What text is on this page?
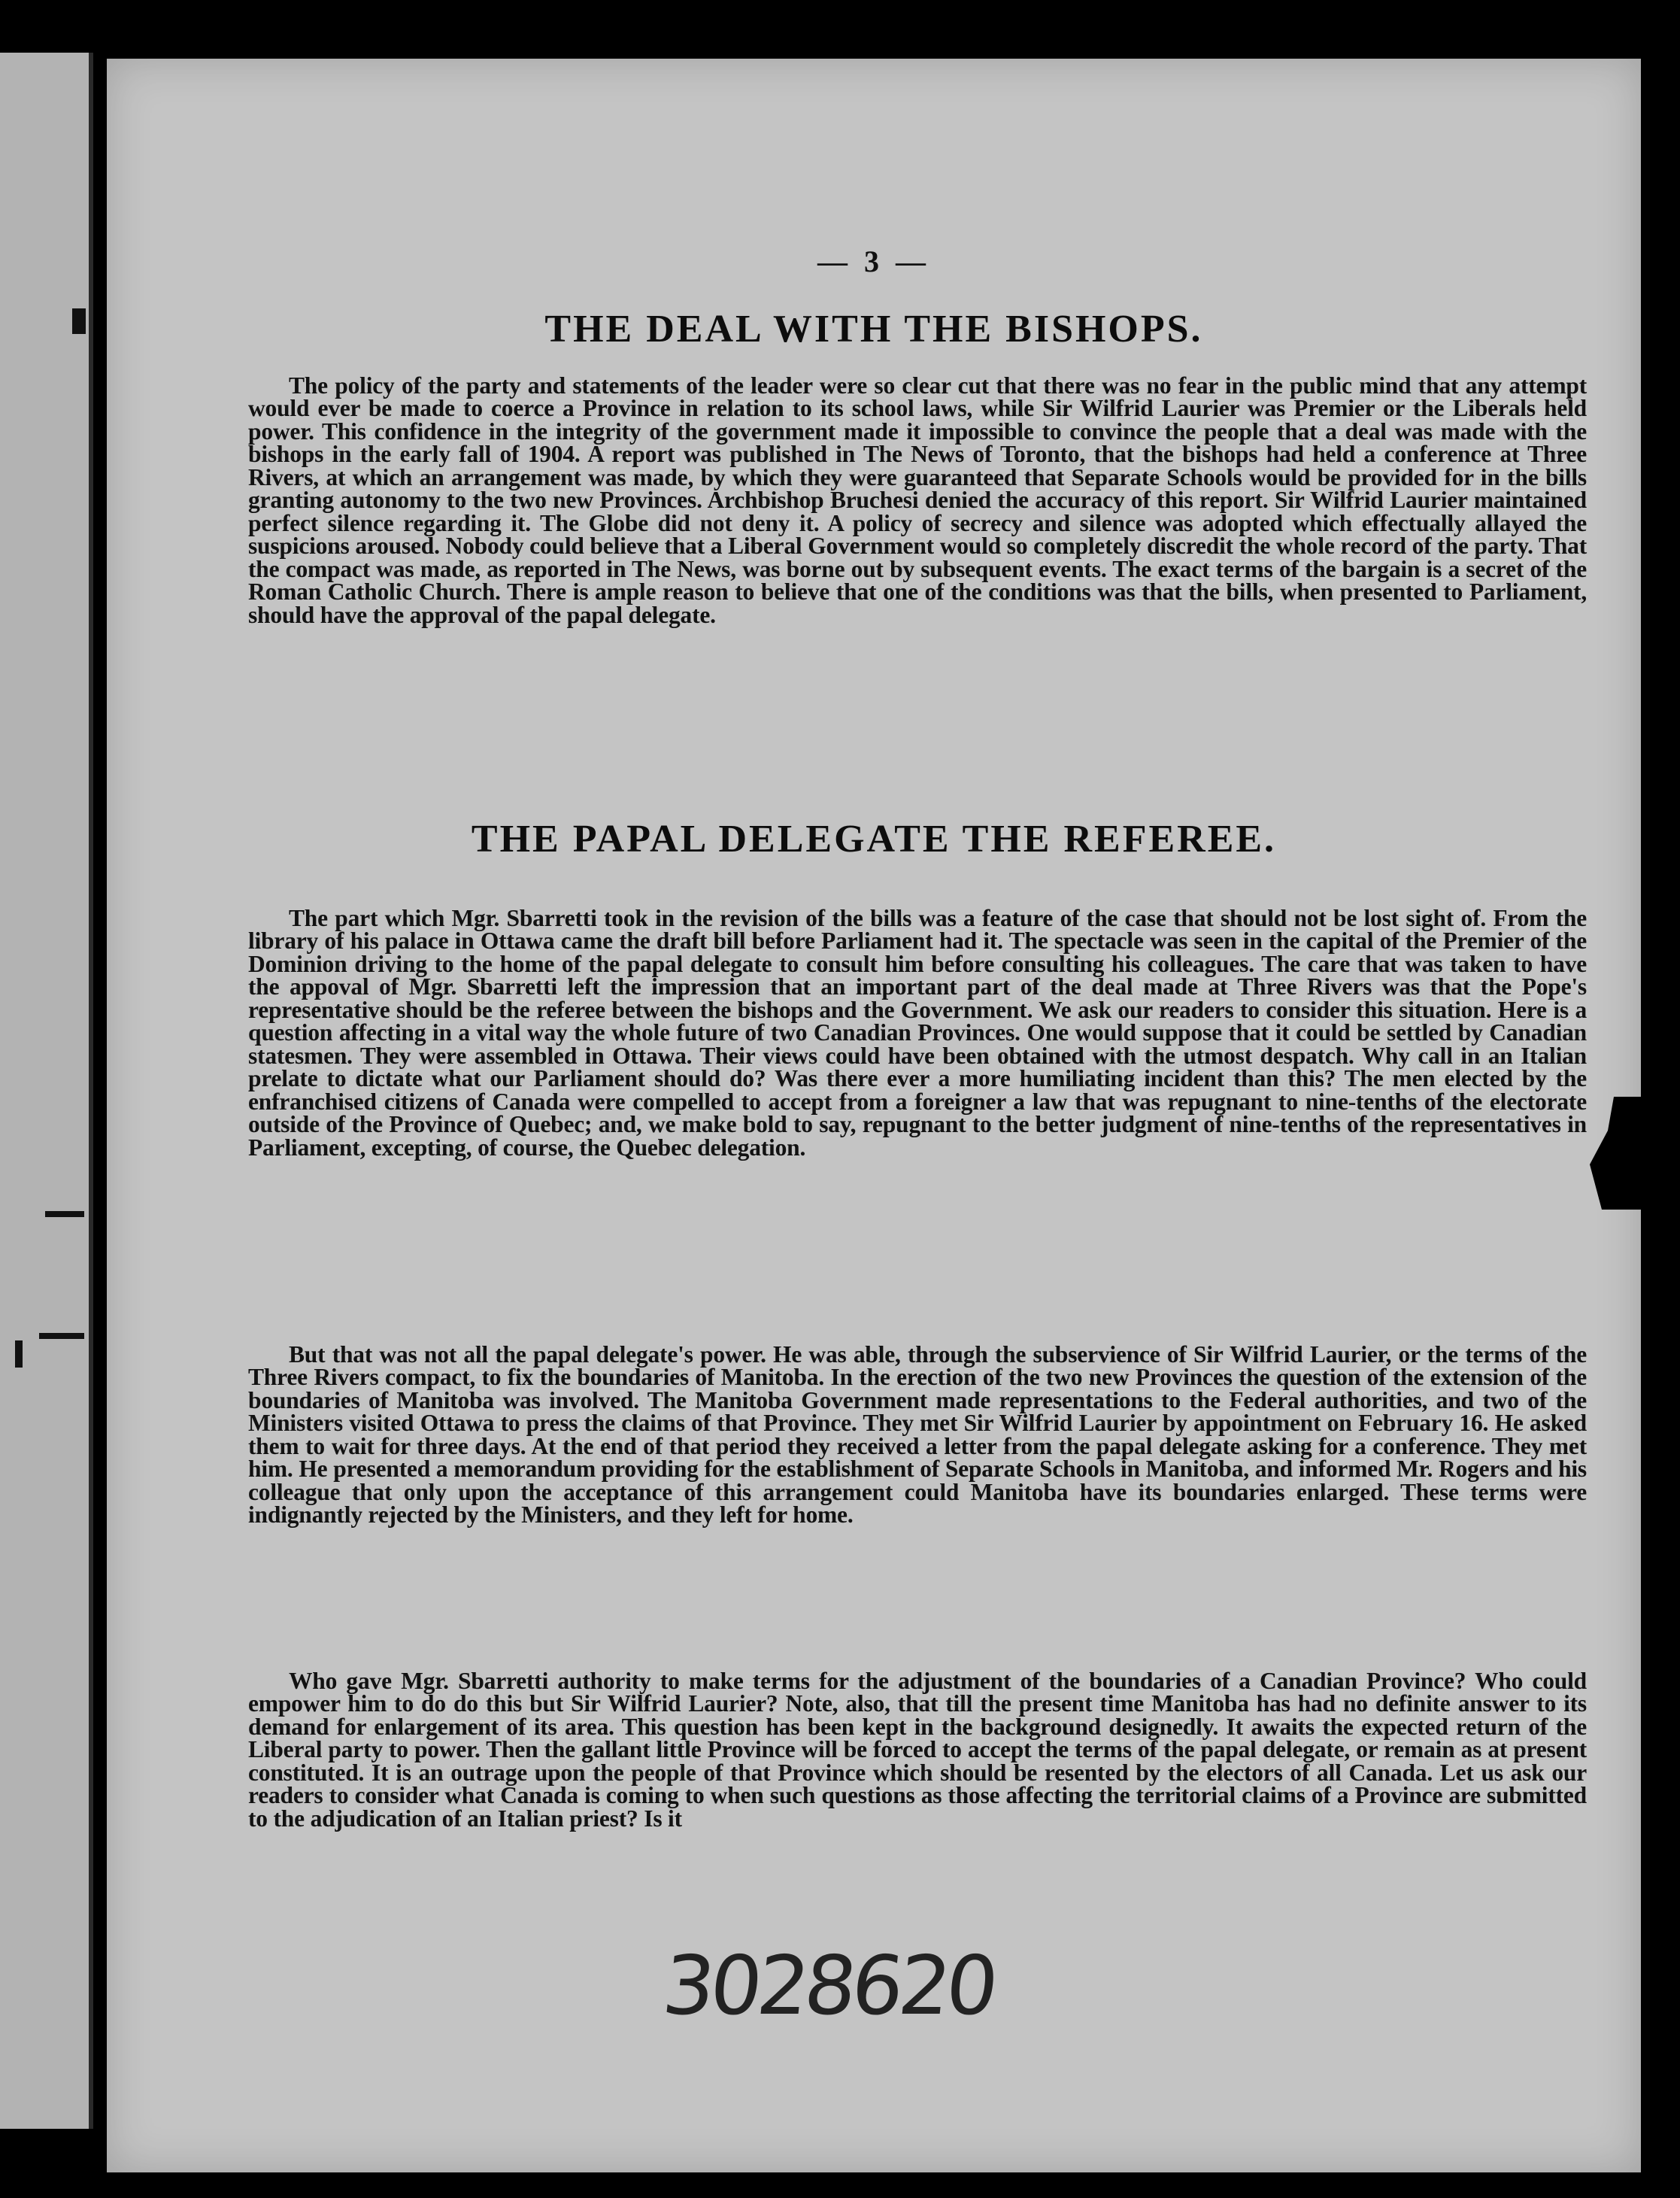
— 3 —
THE DEAL WITH THE BISHOPS.

The policy of the party and statements of the leader were so clear cut that there was no fear in the public mind that any attempt would ever be made to coerce a Province in relation to its school laws, while Sir Wilfrid Laurier was Premier or the Liberals held power. This confidence in the integrity of the government made it impossible to convince the people that a deal was made with the bishops in the early fall of 1904. A report was published in The News of Toronto, that the bishops had held a conference at Three Rivers, at which an arrangement was made, by which they were guaranteed that Separate Schools would be provided for in the bills granting autonomy to the two new Provinces. Archbishop Bruchesi denied the accuracy of this report. Sir Wilfrid Laurier maintained perfect silence regarding it. The Globe did not deny it. A policy of secrecy and silence was adopted which effectually allayed the suspicions aroused. Nobody could believe that a Liberal Government would so completely discredit the whole record of the party. That the compact was made, as reported in The News, was borne out by subsequent events. The exact terms of the bargain is a secret of the Roman Catholic Church. There is ample reason to believe that one of the conditions was that the bills, when presented to Parliament, should have the approval of the papal delegate.

THE PAPAL DELEGATE THE REFEREE.

The part which Mgr. Sbarretti took in the revision of the bills was a feature of the case that should not be lost sight of. From the library of his palace in Ottawa came the draft bill before Parliament had it. The spectacle was seen in the capital of the Premier of the Dominion driving to the home of the papal delegate to consult him before consulting his colleagues. The care that was taken to have the appoval of Mgr. Sbarretti left the impression that an important part of the deal made at Three Rivers was that the Pope's representative should be the referee between the bishops and the Government. We ask our readers to consider this situation. Here is a question affecting in a vital way the whole future of two Canadian Provinces. One would suppose that it could be settled by Canadian statesmen. They were assembled in Ottawa. Their views could have been obtained with the utmost despatch. Why call in an Italian prelate to dictate what our Parliament should do? Was there ever a more humiliating incident than this? The men elected by the enfranchised citizens of Canada were compelled to accept from a foreigner a law that was repugnant to nine-tenths of the electorate outside of the Province of Quebec; and, we make bold to say, repugnant to the better judgment of nine-tenths of the representatives in Parliament, excepting, of course, the Quebec delegation.

But that was not all the papal delegate's power. He was able, through the subservience of Sir Wilfrid Laurier, or the terms of the Three Rivers compact, to fix the boundaries of Manitoba. In the erection of the two new Provinces the question of the extension of the boundaries of Manitoba was involved. The Manitoba Government made representations to the Federal authorities, and two of the Ministers visited Ottawa to press the claims of that Province. They met Sir Wilfrid Laurier by appointment on February 16. He asked them to wait for three days. At the end of that period they received a letter from the papal delegate asking for a conference. They met him. He presented a memorandum providing for the establishment of Separate Schools in Manitoba, and informed Mr. Rogers and his colleague that only upon the acceptance of this arrangement could Manitoba have its boundaries enlarged. These terms were indignantly rejected by the Ministers, and they left for home.

Who gave Mgr. Sbarretti authority to make terms for the adjustment of the boundaries of a Canadian Province? Who could empower him to do do this but Sir Wilfrid Laurier? Note, also, that till the present time Manitoba has had no definite answer to its demand for enlargement of its area. This question has been kept in the background designedly. It awaits the expected return of the Liberal party to power. Then the gallant little Province will be forced to accept the terms of the papal delegate, or remain as at present constituted. It is an outrage upon the people of that Province which should be resented by the electors of all Canada. Let us ask our readers to consider what Canada is coming to when such questions as those affecting the territorial claims of a Province are submitted to the adjudication of an Italian priest? Is it

3028620
